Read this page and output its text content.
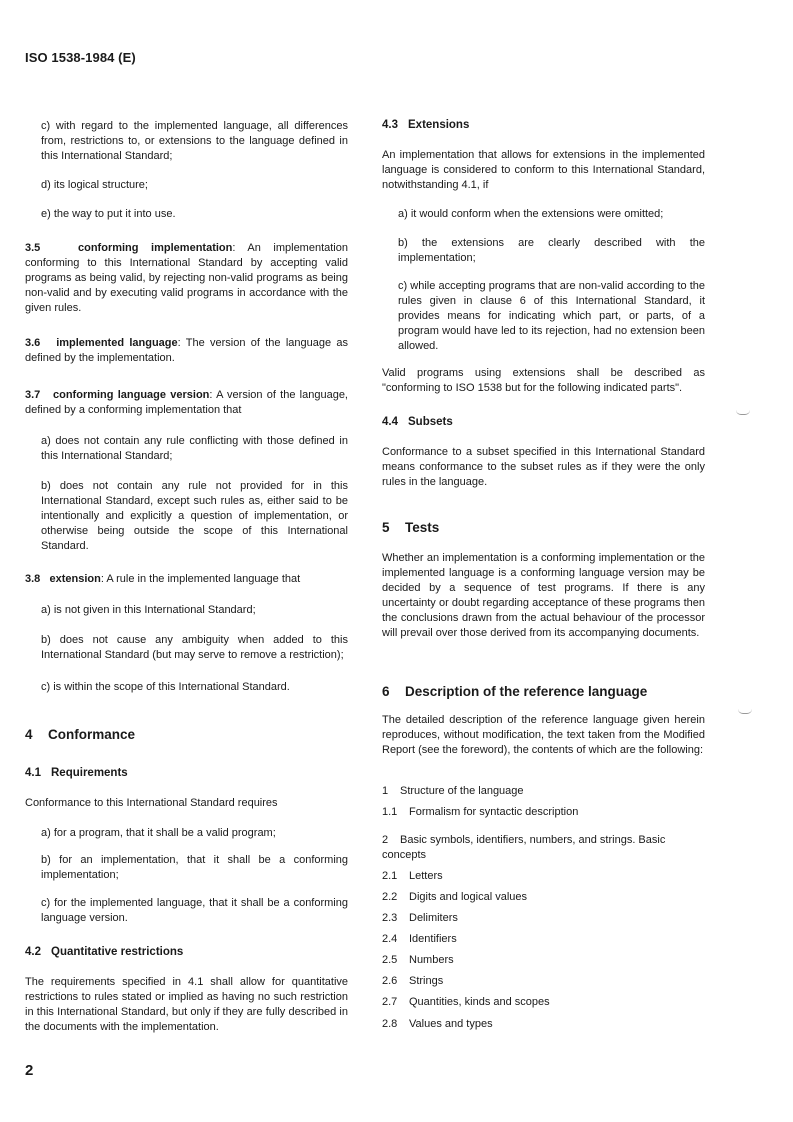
ISO 1538-1984 (E)

c) with regard to the implemented language, all differences from, restrictions to, or extensions to the language defined in this International Standard;

d) its logical structure;

e) the way to put it into use.

3.5	conforming implementation: An implementation conforming to this International Standard by accepting valid programs as being valid, by rejecting non-valid programs as being non-valid and by executing valid programs in accordance with the given rules.

3.6 implemented language: The version of the language as defined by the implementation.

3.7 conforming language version: A version of the language, defined by a conforming implementation that

a) does not contain any rule conflicting with those defined in this International Standard;

b) does not contain any rule not provided for in this International Standard, except such rules as, either said to be intentionally and explicitly a question of implementation, or otherwise being outside the scope of this International Standard.

3.8 extension: A rule in the implemented language that

a) is not given in this International Standard;

b) does not cause any ambiguity when added to this International Standard (but may serve to remove a restriction);

c) is within the scope of this International Standard.

4 Conformance
4.1 Requirements

Conformance to this International Standard requires

a) for a program, that it shall be a valid program;

b) for an implementation, that it shall be a conforming implementation;

c) for the implemented language, that it shall be a conforming language version.

4.2 Quantitative restrictions

The requirements specified in 4.1 shall allow for quantitative restrictions to rules stated or implied as having no such restriction in this International Standard, but only if they are fully described in the documents with the implementation.

4.3 Extensions

An implementation that allows for extensions in the implemented language is considered to conform to this International Standard, notwithstanding 4.1, if

a) it would conform when the extensions were omitted;

b) the extensions are clearly described with the implementation;

c) while accepting programs that are non-valid according to the rules given in clause 6 of this International Standard, it provides means for indicating which part, or parts, of a program would have led to its rejection, had no extension been allowed.

Valid programs using extensions shall be described as "conforming to ISO 1538 but for the following indicated parts".

4.4 Subsets

Conformance to a subset specified in this International Standard means conformance to the subset rules as if they were the only rules in the language.

5 Tests

Whether an implementation is a conforming implementation or the implemented language is a conforming language version may be decided by a sequence of test programs. If there is any uncertainty or doubt regarding acceptance of these programs then the conclusions drawn from the actual behaviour of the processor will prevail over those derived from its accompanying documents.

6 Description of the reference language

The detailed description of the reference language given herein reproduces, without modification, the text taken from the Modified Report (see the foreword), the contents of which are the following:

1 Structure of the language
1.1 Formalism for syntactic description
2 Basic symbols, identifiers, numbers, and strings. Basic concepts
2.1 Letters
2.2 Digits and logical values
2.3 Delimiters
2.4 Identifiers
2.5 Numbers
2.6 Strings
2.7 Quantities, kinds and scopes
2.8 Values and types
2
